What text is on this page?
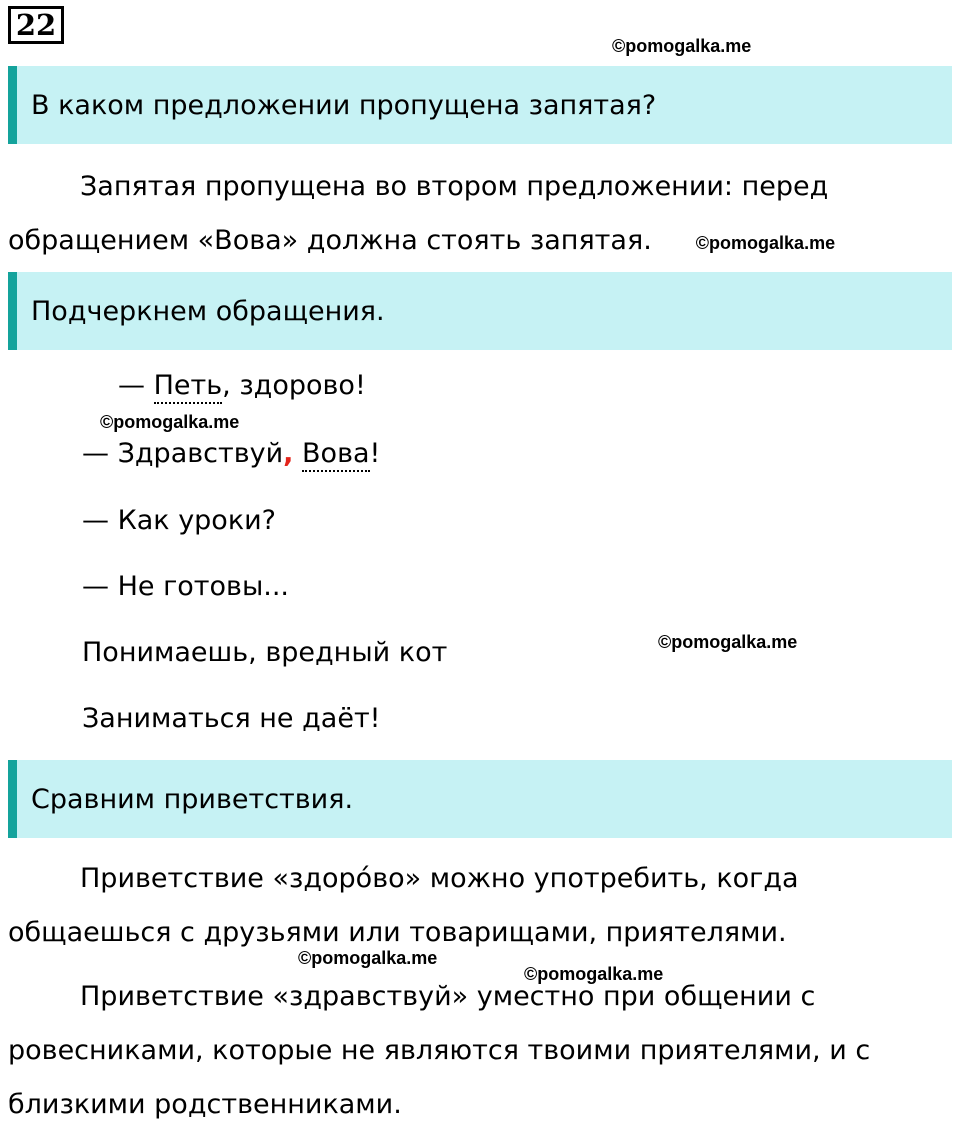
22
©pomogalka.me
В каком предложении пропущена запятая?

Запятая пропущена во втором предложении: перед обращением «Вова» должна стоять запятая. ©pomogalka.me

Подчеркнем обращения.
— Петь, здорово!
©pomogalka.me
— Здравствуй, Вова!
— Как уроки?
— Не готовы...
Понимаешь, вредный кот	©pomogalka.me
Заниматься не даёт!
Сравним приветствия.

Приветствие «здоро́во» можно употребить, когда общаешься с друзьями или товарищами, приятелями.

©pomogalka.me
©pomogalka.me

Приветствие «здравствуй» уместно при общении с ровесниками, которые не являются твоими приятелями, и с близкими родственниками.
